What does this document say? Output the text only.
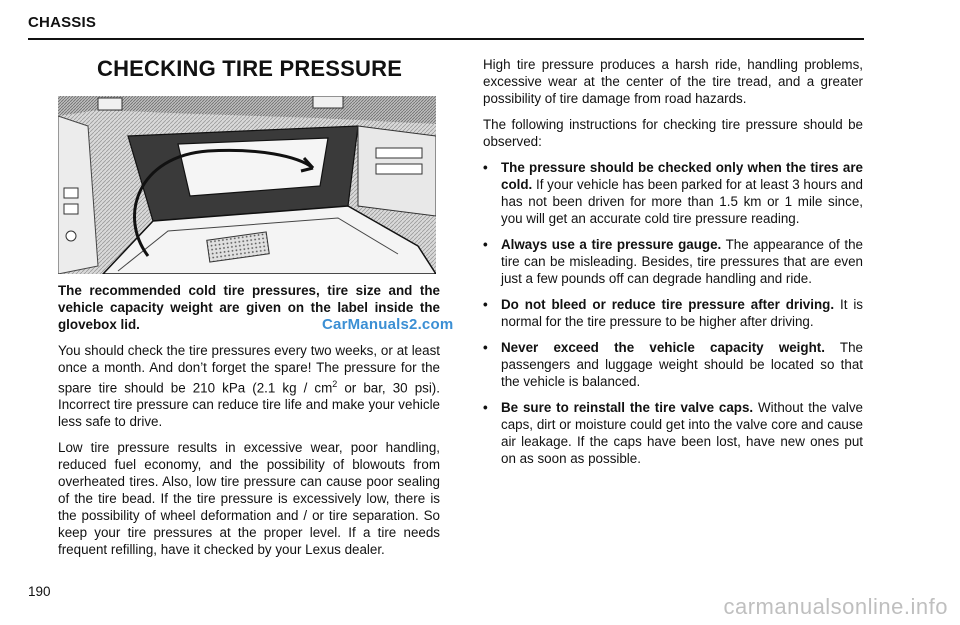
CHASSIS
CHECKING TIRE PRESSURE

The recommended cold tire pressures, tire size and the vehicle capacity weight are given on the label inside the glovebox lid.

You should check the tire pressures every two weeks, or at least once a month. And don’t forget the spare! The pressure for the spare tire should be 210 kPa (2.1 kg / $cm^2$ or bar, 30 psi). Incorrect tire pressure can reduce tire life and make your vehicle less safe to drive.

Low tire pressure results in excessive wear, poor handling, reduced fuel economy, and the possibility of blowouts from overheated tires. Also, low tire pressure can cause poor sealing of the tire bead. If the tire pressure is excessively low, there is the possibility of wheel deformation and / or tire separation. So keep your tire pressures at the proper level. If a tire needs frequent refilling, have it checked by your Lexus dealer.

CarManuals2.com

High tire pressure produces a harsh ride, handling problems, excessive wear at the center of the tire tread, and a greater possibility of tire damage from road hazards.

The following instructions for checking tire pressure should be observed:

• The pressure should be checked only when the tires are cold. If your vehicle has been parked for at least 3 hours and has not been driven for more than 1.5 km or 1 mile since, you will get an accurate cold tire pressure reading.
• Always use a tire pressure gauge. The appearance of the tire can be misleading. Besides, tire pressures that are even just a few pounds off can degrade handling and ride.
• Do not bleed or reduce tire pressure after driving. It is normal for the tire pressure to be higher after driving.
• Never exceed the vehicle capacity weight. The passengers and luggage weight should be located so that the vehicle is balanced.
• Be sure to reinstall the tire valve caps. Without the valve caps, dirt or moisture could get into the valve core and cause air leakage. If the caps have been lost, have new ones put on as soon as possible.
190
carmanualsonline.info
